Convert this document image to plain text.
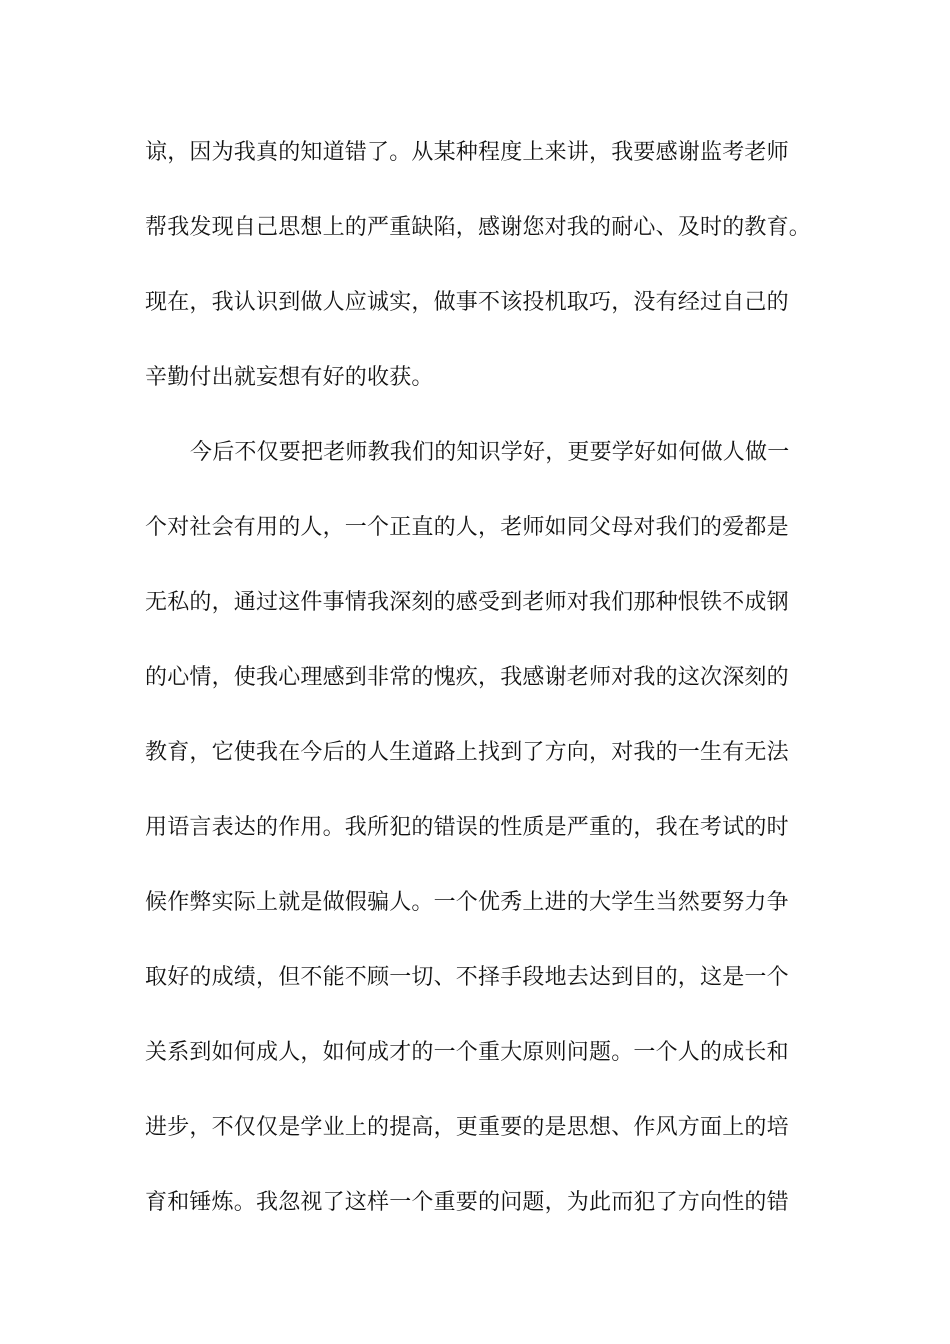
谅，因为我真的知道错了。从某种程度上来讲，我要感谢监考老师
帮我发现自己思想上的严重缺陷，感谢您对我的耐心、及时的教育。
现在，我认识到做人应诚实，做事不该投机取巧，没有经过自己的
辛勤付出就妄想有好的收获。
今后不仅要把老师教我们的知识学好，更要学好如何做人做一
个对社会有用的人，一个正直的人，老师如同父母对我们的爱都是
无私的，通过这件事情我深刻的感受到老师对我们那种恨铁不成钢
的心情，使我心理感到非常的愧疚，我感谢老师对我的这次深刻的
教育，它使我在今后的人生道路上找到了方向，对我的一生有无法
用语言表达的作用。我所犯的错误的性质是严重的，我在考试的时
候作弊实际上就是做假骗人。一个优秀上进的大学生当然要努力争
取好的成绩，但不能不顾一切、不择手段地去达到目的，这是一个
关系到如何成人，如何成才的一个重大原则问题。一个人的成长和
进步，不仅仅是学业上的提高，更重要的是思想、作风方面上的培
育和锤炼。我忽视了这样一个重要的问题，为此而犯了方向性的错
